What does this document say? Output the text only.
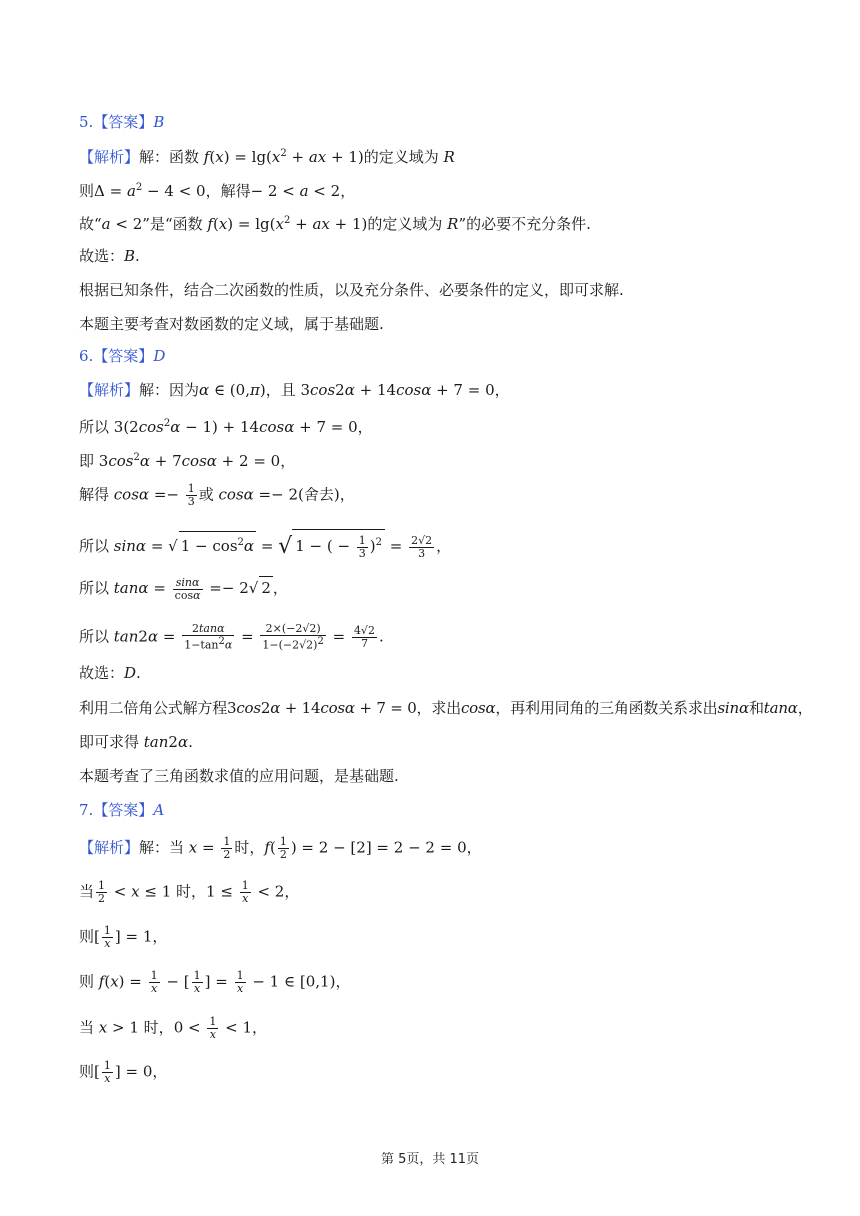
5.【答案】B
【解析】解：函数 $f(x) = \lg(x^2$ + ax + 1)的定义域为 R
则$\Delta = a^2 - 4 < 0$，解得− 2 < a < 2，
故“a < 2”是“函数 $f(x) = \lg(x^2$ + ax + 1)的定义域为 R”的必要不充分条件.
故选：B.
根据已知条件，结合二次函数的性质，以及充分条件、必要条件的定义，即可求解.
本题主要考查对数函数的定义域，属于基础题.
6.【答案】D
【解析】解：因为α ∈ (0,π)，且 3cos2α + 14cosα + 7 = 0，
所以 $3(2\cos^2\alpha - 1) + 14\cos\alpha + 7 = 0$，
即 $3\cos^2\alpha + 7\cos\alpha + 2 = 0$，
解得 $\cos\alpha =- \frac{1}{3}$ 或 cosα =− 2(舍去)，
所以 sinα = √ $1 - \cos^2\alpha$ = √ 1 − ( − $\frac{1}{3} )^2 = \frac{2√2}{3}$ ，
所以 $\tan\alpha = \frac{\sin\alpha}{\cos\alpha} =- 2√$ 2 ，
所以 $\tan 2\alpha = \frac{2\tan\alpha}{1-\tan^2\alpha} = \frac{2\times(-2√2)}{1-(-2√2)^2} = \frac{4√2}{7}$ .
故选：D.
利用二倍角公式解方程3cos2α + 14cosα + 7 = 0，求出cosα，再利用同角的三角函数关系求出sinα和tanα，
即可求得 tan2α.
本题考查了三角函数求值的应用问题，是基础题.
7.【答案】A
【解析】解：当 $x = \frac{1}{2}$ 时，$f( \frac{1}{2}$ ) = 2 − [2] = 2 − 2 = 0，
当 $\frac{1}{2} < x \le 1$ 时，$1 \le \frac{1}{x} < 2$，
则[ $\frac{1}{x}$ ] = 1，
则 $f(x) = \frac{1}{x}$ − [ $\frac{1}{x}$ ] = $\frac{1}{x} - 1$ ∈ [0,1)，
当 x > 1 时，$0 < \frac{1}{x} < 1$，
则[ $\frac{1}{x}$ ] = 0，
第 5页，共 11页
